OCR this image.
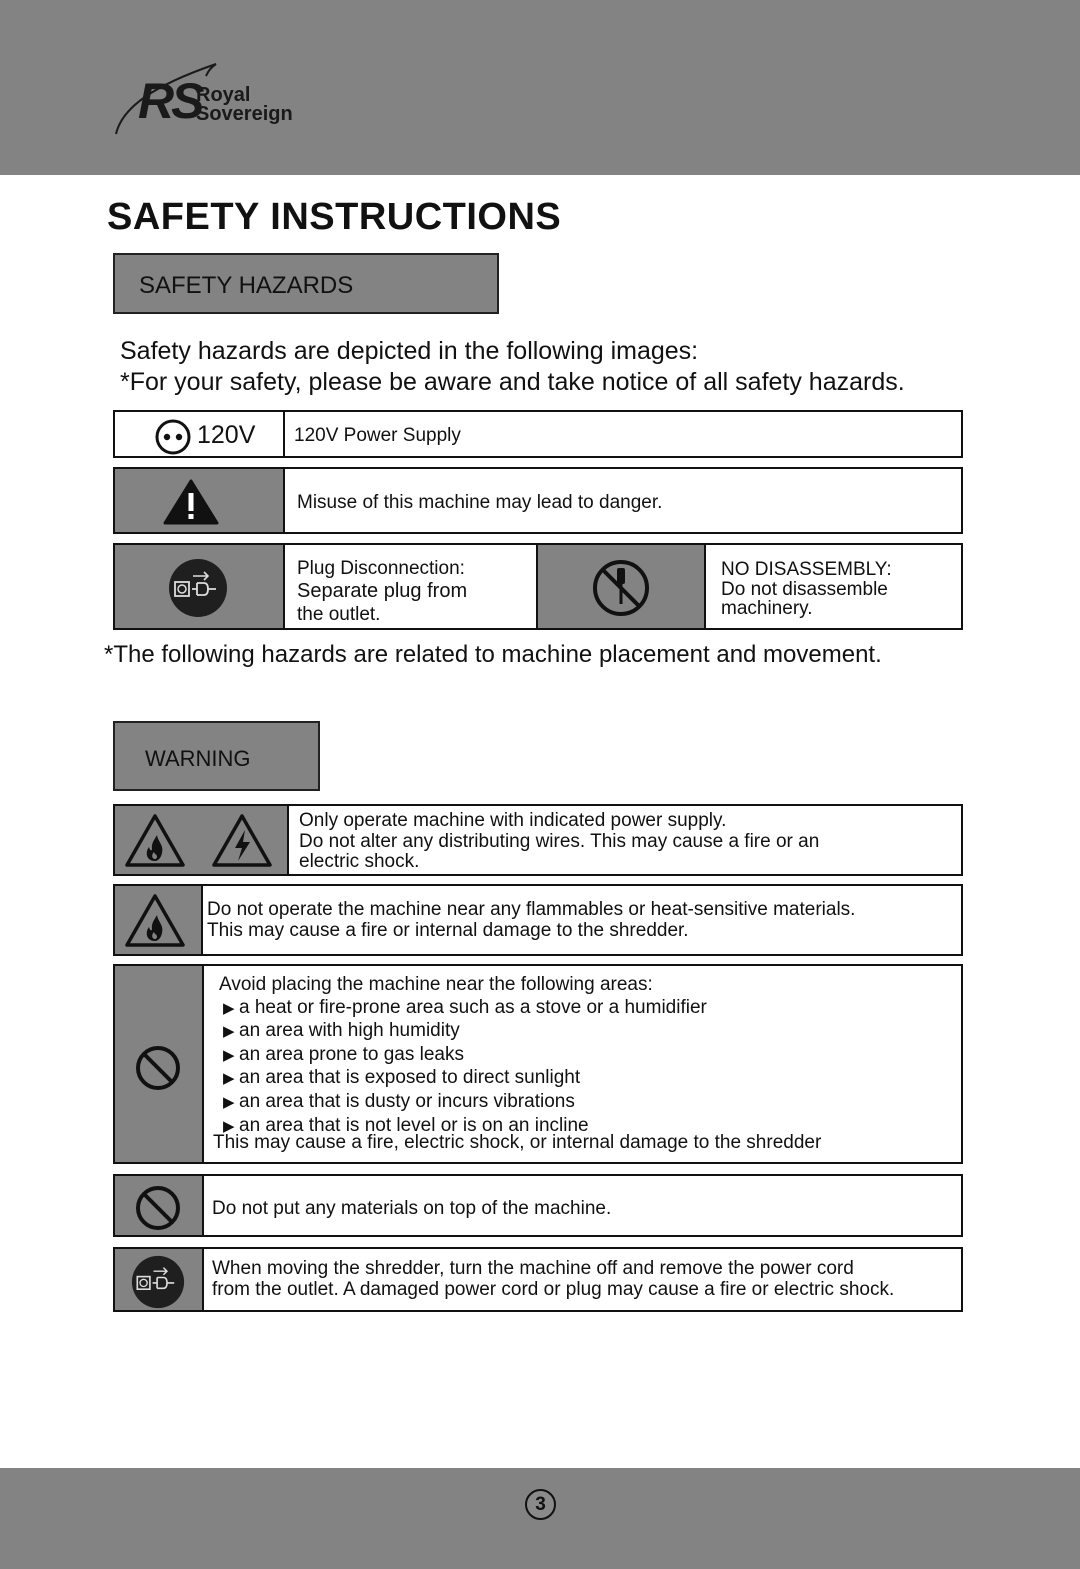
RS
Royal
Sovereign
SAFETY INSTRUCTIONS
SAFETY HAZARDS
Safety hazards are depicted in the following images:
*For your safety, please be aware and take notice of all safety hazards.
120V 120V Power Supply
Misuse of this machine may lead to danger.
Plug Disconnection:
Separate plug from
the outlet.
NO DISASSEMBLY:
Do not disassemble
machinery.
*The following hazards are related to machine placement and movement.
WARNING
Only operate machine with indicated power supply.
Do not alter any distributing wires. This may cause a fire or an
electric shock.
Do not operate the machine near any flammables or heat-sensitive materials.
This may cause a fire or internal damage to the shredder.
Avoid placing the machine near the following areas:
▶ a heat or fire-prone area such as a stove or a humidifier
▶ an area with high humidity
▶ an area prone to gas leaks
▶ an area that is exposed to direct sunlight
▶ an area that is dusty or incurs vibrations
▶ an area that is not level or is on an incline
This may cause a fire, electric shock, or internal damage to the shredder
Do not put any materials on top of the machine.
When moving the shredder, turn the machine off and remove the power cord
from the outlet. A damaged power cord or plug may cause a fire or electric shock.
3
